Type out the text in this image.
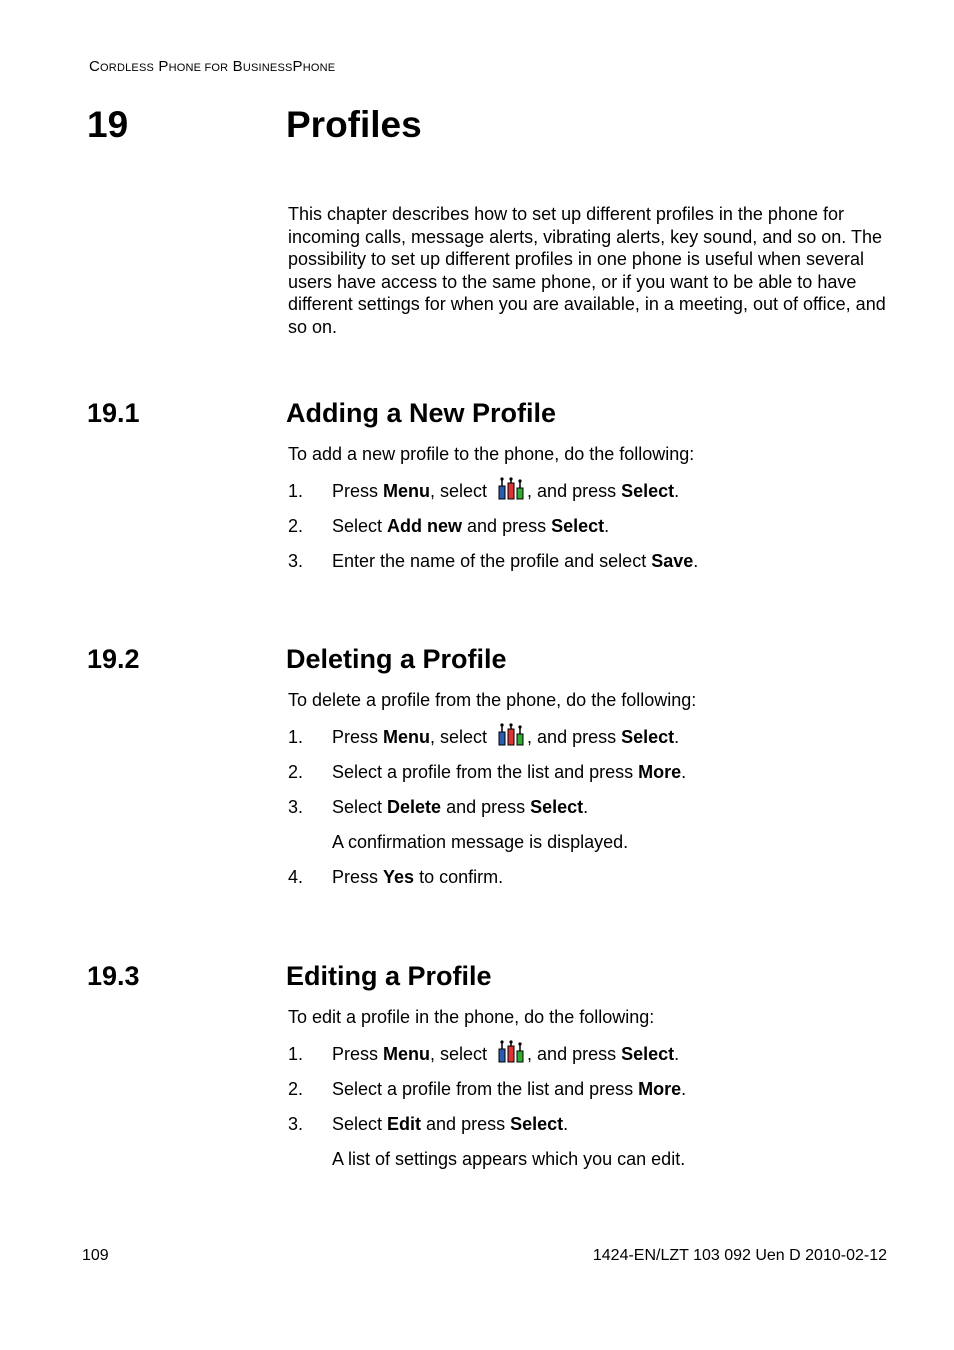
CORDLESS PHONE FOR BUSINESSPHONE
19	Profiles

This chapter describes how to set up different profiles in the phone for incoming calls, message alerts, vibrating alerts, key sound, and so on. The possibility to set up different profiles in one phone is useful when several users have access to the same phone, or if you want to be able to have different settings for when you are available, in a meeting, out of office, and so on.

19.1	Adding a New Profile
To add a new profile to the phone, do the following:
1. Press Menu, select , and press Select.
2. Select Add new and press Select.
3. Enter the name of the profile and select Save.
19.2	Deleting a Profile
To delete a profile from the phone, do the following:
1. Press Menu, select , and press Select.
2. Select a profile from the list and press More.
3. Select Delete and press Select.
A confirmation message is displayed.
4. Press Yes to confirm.
19.3	Editing a Profile
To edit a profile in the phone, do the following:
1. Press Menu, select , and press Select.
2. Select a profile from the list and press More.
3. Select Edit and press Select.
A list of settings appears which you can edit.
109	1424-EN/LZT 103 092 Uen D 2010-02-12
